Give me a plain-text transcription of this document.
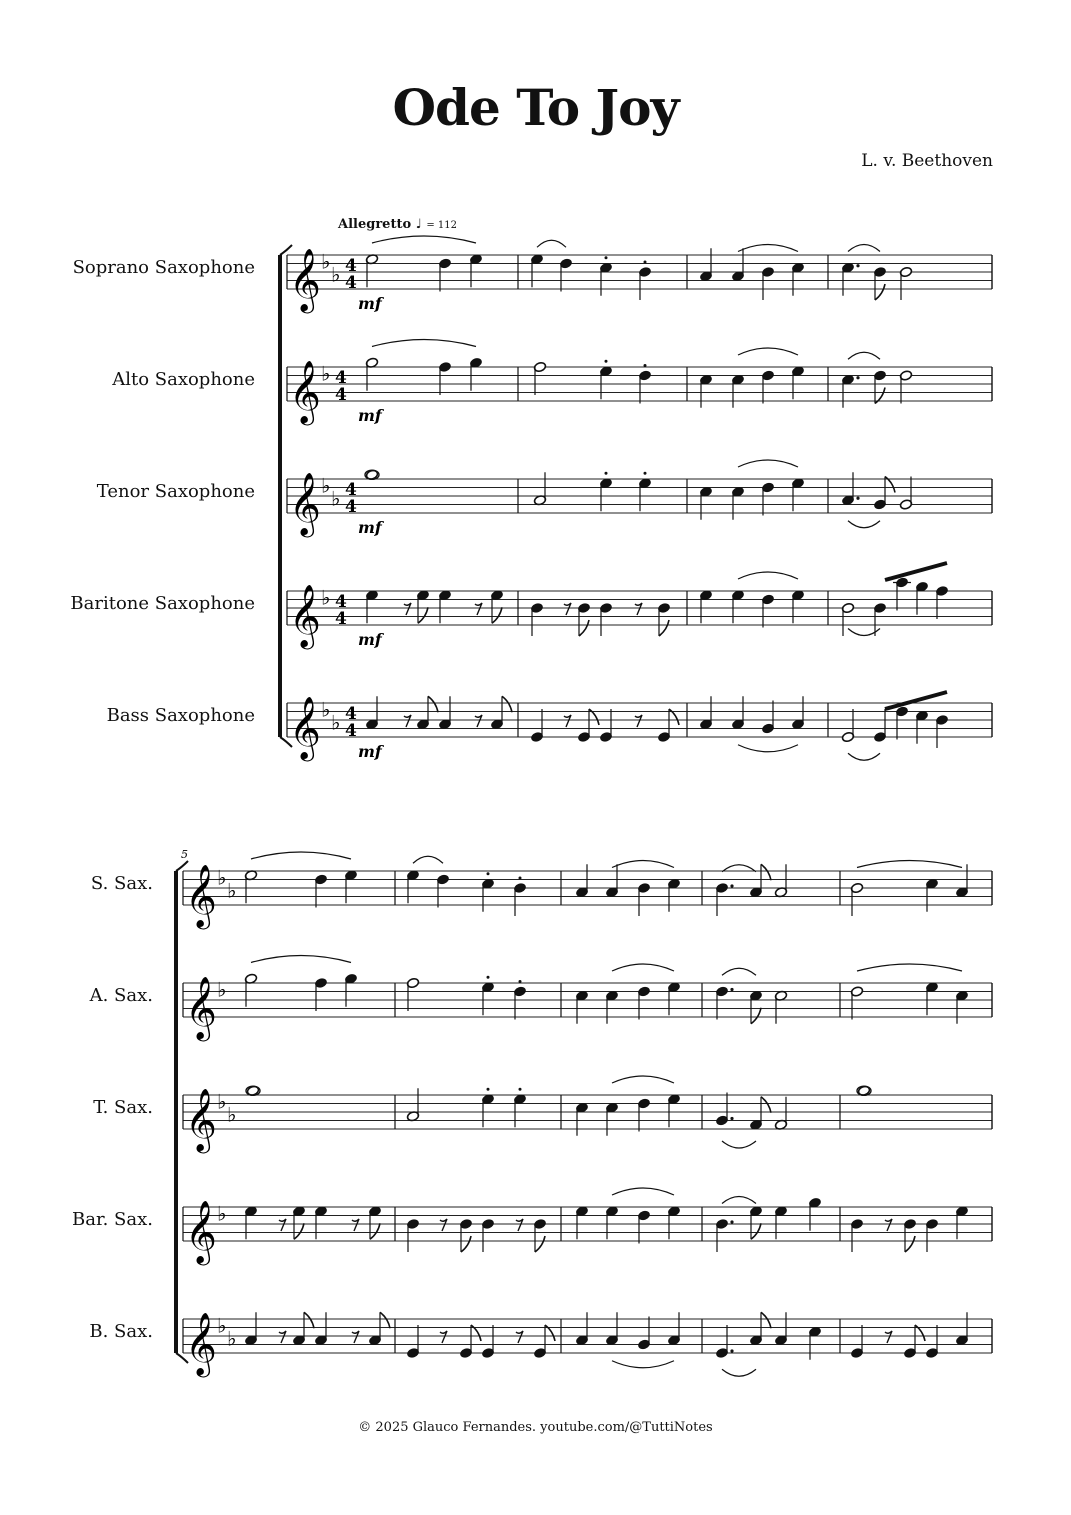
Ode To Joy
L. v. Beethoven
Allegretto ♩ = 112
Soprano Saxophone
Alto Saxophone
Tenor Saxophone
Baritone Saxophone
Bass Saxophone
S. Sax.
A. Sax.
T. Sax.
Bar. Sax.
B. Sax.
𝄞 ♭
♭ 4
4
mf
𝄞 ♭ 4
4
mf
𝄞 ♭
♭ 4
4
mf
𝄞 ♭ 4
4
mf
𝄞 ♭
♭ 4
4
mf
𝄞 ♭
♭
𝄞 ♭
𝄞 ♭
♭
𝄞 ♭
𝄞 ♭
♭
5
© 2025 Glauco Fernandes. youtube.com/@TuttiNotes
